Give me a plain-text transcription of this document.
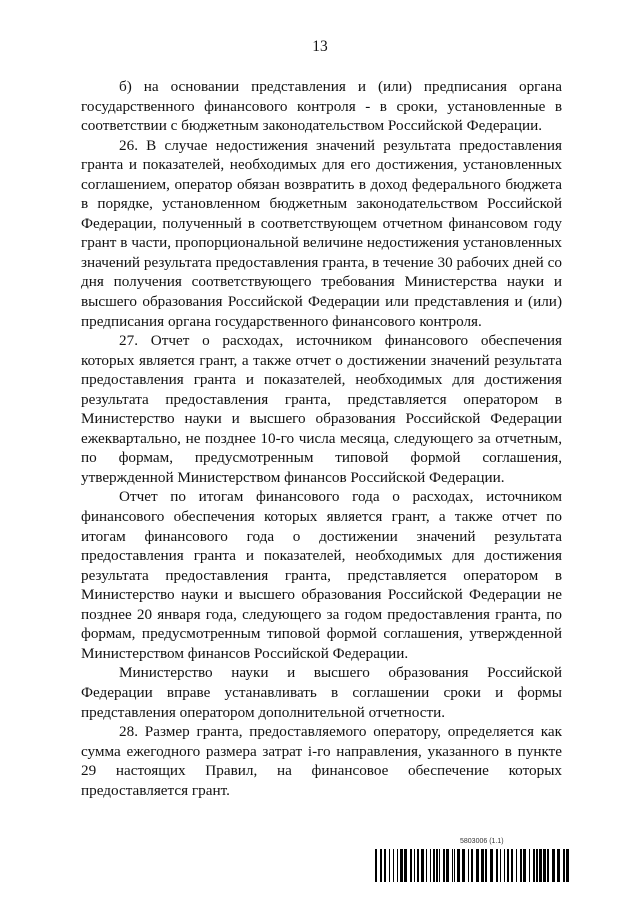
13

б) на основании представления и (или) предписания органа государственного финансового контроля - в сроки, установленные в соответствии с бюджетным законодательством Российской Федерации.

26. В случае недостижения значений результата предоставления гранта и показателей, необходимых для его достижения, установленных соглашением, оператор обязан возвратить в доход федерального бюджета в порядке, установленном бюджетным законодательством Российской Федерации, полученный в соответствующем отчетном финансовом году грант в части, пропорциональной величине недостижения установленных значений результата предоставления гранта, в течение 30 рабочих дней со дня получения соответствующего требования Министерства науки и высшего образования Российской Федерации или представления и (или) предписания органа государственного финансового контроля.

27. Отчет о расходах, источником финансового обеспечения которых является грант, а также отчет о достижении значений результата предоставления гранта и показателей, необходимых для достижения результата предоставления гранта, представляется оператором в Министерство науки и высшего образования Российской Федерации ежеквартально, не позднее 10-го числа месяца, следующего за отчетным, по формам, предусмотренным типовой формой соглашения, утвержденной Министерством финансов Российской Федерации.

Отчет по итогам финансового года о расходах, источником финансового обеспечения которых является грант, а также отчет по итогам финансового года о достижении значений результата предоставления гранта и показателей, необходимых для достижения результата предоставления гранта, представляется оператором в Министерство науки и высшего образования Российской Федерации не позднее 20 января года, следующего за годом предоставления гранта, по формам, предусмотренным типовой формой соглашения, утвержденной Министерством финансов Российской Федерации.

Министерство науки и высшего образования Российской Федерации вправе устанавливать в соглашении сроки и формы представления оператором дополнительной отчетности.

28. Размер гранта, предоставляемого оператору, определяется как сумма ежегодного размера затрат i-го направления, указанного в пункте 29 настоящих Правил, на финансовое обеспечение которых предоставляется грант.

5803006 (1.1)
